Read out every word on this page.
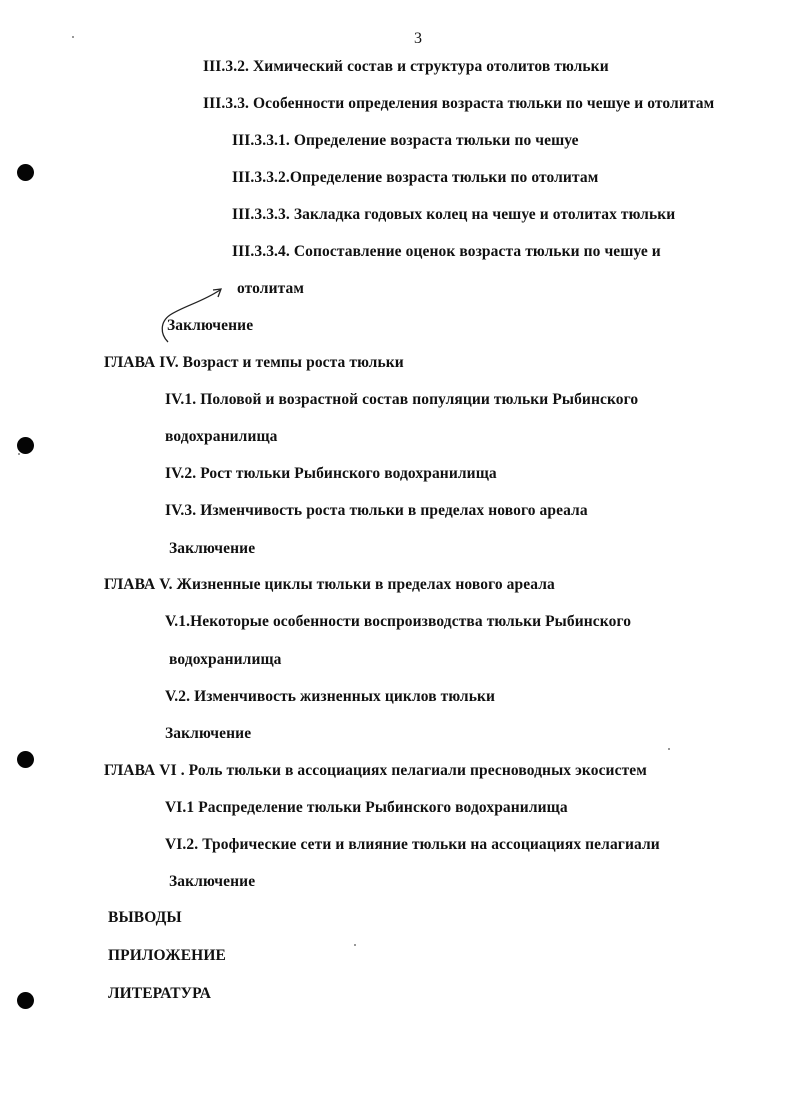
3
III.3.2. Химический состав и структура отолитов тюльки
III.3.3. Особенности определения возраста тюльки по чешуе и отолитам
III.3.3.1. Определение возраста тюльки по чешуе
III.3.3.2.Определение возраста тюльки по отолитам
III.3.3.3. Закладка годовых колец на чешуе и отолитах тюльки
III.3.3.4. Сопоставление оценок возраста тюльки по чешуе и
отолитам
Заключение
ГЛАВА IV. Возраст и темпы роста тюльки
IV.1. Половой и возрастной состав популяции тюльки Рыбинского
водохранилища
IV.2. Рост тюльки Рыбинского водохранилища
IV.3. Изменчивость роста тюльки в пределах нового ареала
Заключение
ГЛАВА V. Жизненные циклы тюльки в пределах нового ареала
V.1.Некоторые особенности воспроизводства тюльки Рыбинского
водохранилища
V.2. Изменчивость жизненных циклов тюльки
Заключение
ГЛАВА VI . Роль тюльки в ассоциациях пелагиали пресноводных экосистем
VI.1 Распределение тюльки Рыбинского водохранилища
VI.2. Трофические сети и влияние тюльки на ассоциациях пелагиали
Заключение
ВЫВОДЫ
ПРИЛОЖЕНИЕ
ЛИТЕРАТУРА
